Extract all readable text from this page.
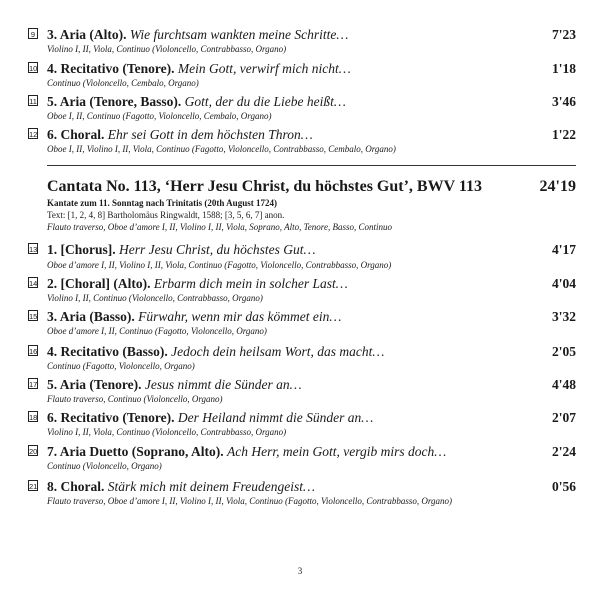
9 3. Aria (Alto). Wie furchtsam wankten meine Schritte…	7'23
Violino I, II, Viola, Continuo (Violoncello, Contrabbasso, Organo)
10 4. Recitativo (Tenore). Mein Gott, verwirf mich nicht…	1'18
Continuo (Violoncello, Cembalo, Organo)
11 5. Aria (Tenore, Basso). Gott, der du die Liebe heißt…	3'46
Oboe I, II, Continuo (Fagotto, Violoncello, Cembalo, Organo)
12 6. Choral. Ehr sei Gott in dem höchsten Thron…	1'22
Oboe I, II, Violino I, II, Viola, Continuo (Fagotto, Violoncello, Contrabbasso, Cembalo, Organo)
Cantata No. 113, ‘Herr Jesu Christ, du höchstes Gut’, BWV 113	24'19
Kantate zum 11. Sonntag nach Trinitatis (20th August 1724)
Text: [1, 2, 4, 8] Bartholomäus Ringwaldt, 1588; [3, 5, 6, 7] anon.
Flauto traverso, Oboe d’amore I, II, Violino I, II, Viola, Soprano, Alto, Tenore, Basso, Continuo
13 1. [Chorus]. Herr Jesu Christ, du höchstes Gut…	4'17
Oboe d’amore I, II, Violino I, II, Viola, Continuo (Fagotto, Violoncello, Contrabbasso, Organo)
14 2. [Choral] (Alto). Erbarm dich mein in solcher Last…	4'04
Violino I, II, Continuo (Violoncello, Contrabbasso, Organo)
15 3. Aria (Basso). Fürwahr, wenn mir das kömmet ein…	3'32
Oboe d’amore I, II, Continuo (Fagotto, Violoncello, Organo)
16 4. Recitativo (Basso). Jedoch dein heilsam Wort, das macht…	2'05
Continuo (Fagotto, Violoncello, Organo)
17 5. Aria (Tenore). Jesus nimmt die Sünder an…	4'48
Flauto traverso, Continuo (Violoncello, Organo)
18 6. Recitativo (Tenore). Der Heiland nimmt die Sünder an…	2'07
Violino I, II, Viola, Continuo (Violoncello, Contrabbasso, Organo)
20 7. Aria Duetto (Soprano, Alto). Ach Herr, mein Gott, vergib mirs doch…	2'24
Continuo (Violoncello, Organo)
21 8. Choral. Stärk mich mit deinem Freudengeist…	0'56
Flauto traverso, Oboe d’amore I, II, Violino I, II, Viola, Continuo (Fagotto, Violoncello, Contrabbasso, Organo)
3
